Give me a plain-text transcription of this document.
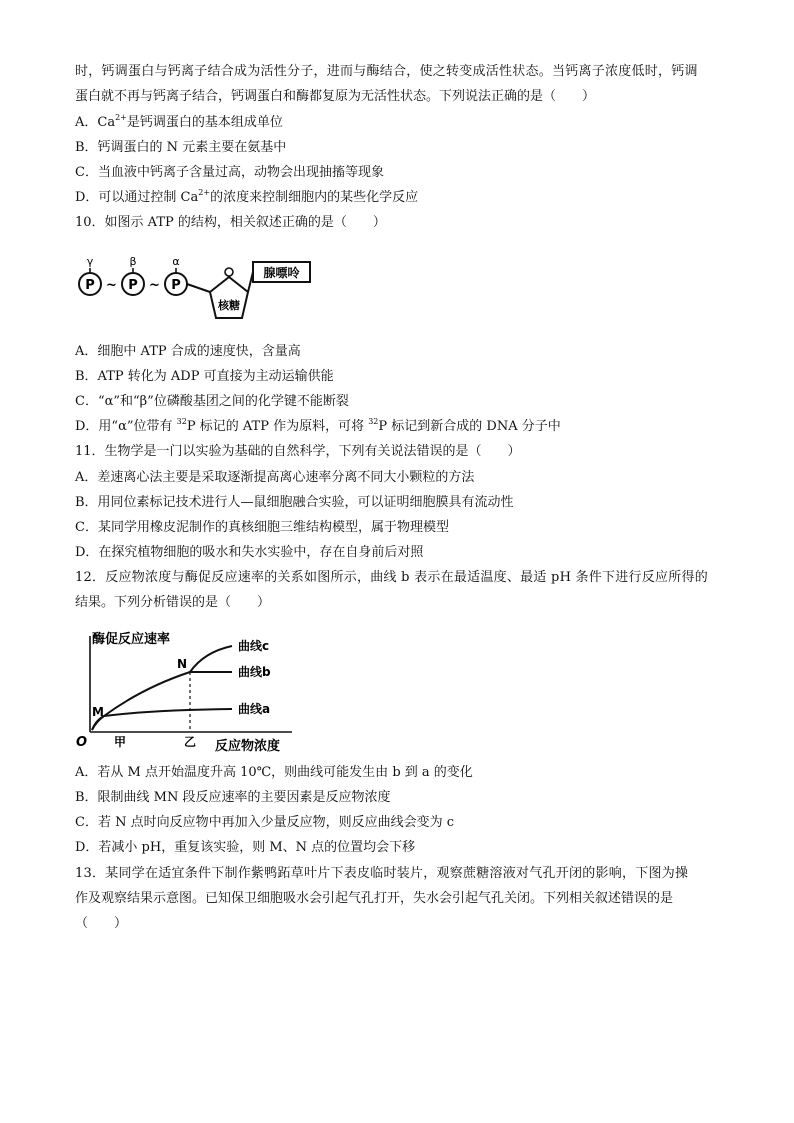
时，钙调蛋白与钙离子结合成为活性分子，进而与酶结合，使之转变成活性状态。当钙离子浓度低时，钙调
蛋白就不再与钙离子结合，钙调蛋白和酶都复原为无活性状态。下列说法正确的是（　　）
A．$Ca^{2+}$是钙调蛋白的基本组成单位
B．钙调蛋白的 N 元素主要在氨基中
C．当血液中钙离子含量过高，动物会出现抽搐等现象
D．可以通过控制 $Ca^{2+}$的浓度来控制细胞内的某些化学反应
10．如图示 ATP 的结构，相关叙述正确的是（　　）
γ	β	α
P	P	P
~ ~
核糖
腺嘌呤
A．细胞中 ATP 合成的速度快，含量高
B．ATP 转化为 ADP 可直接为主动运输供能
C．“α”和“β”位磷酸基团之间的化学键不能断裂
D．用“α”位带有 $^{32}$P 标记的 ATP 作为原料，可将 $^{32}$P 标记到新合成的 DNA 分子中
11．生物学是一门以实验为基础的自然科学，下列有关说法错误的是（　　）
A．差速离心法主要是采取逐渐提高离心速率分离不同大小颗粒的方法
B．用同位素标记技术进行人—鼠细胞融合实验，可以证明细胞膜具有流动性
C．某同学用橡皮泥制作的真核细胞三维结构模型，属于物理模型
D．在探究植物细胞的吸水和失水实验中，存在自身前后对照
12．反应物浓度与酶促反应速率的关系如图所示，曲线 b 表示在最适温度、最适 pH 条件下进行反应所得的
结果。下列分析错误的是（　　）
酶促反应速率
M
N
曲线c
曲线b
曲线a
O 甲	乙 反应物浓度
A．若从 M 点开始温度升高 10℃，则曲线可能发生由 b 到 a 的变化
B．限制曲线 MN 段反应速率的主要因素是反应物浓度
C．若 N 点时向反应物中再加入少量反应物，则反应曲线会变为 c
D．若减小 pH，重复该实验，则 M、N 点的位置均会下移
13．某同学在适宜条件下制作紫鸭跖草叶片下表皮临时装片，观察蔗糖溶液对气孔开闭的影响，下图为操
作及观察结果示意图。已知保卫细胞吸水会引起气孔打开，失水会引起气孔关闭。下列相关叙述错误的是
（　　）
